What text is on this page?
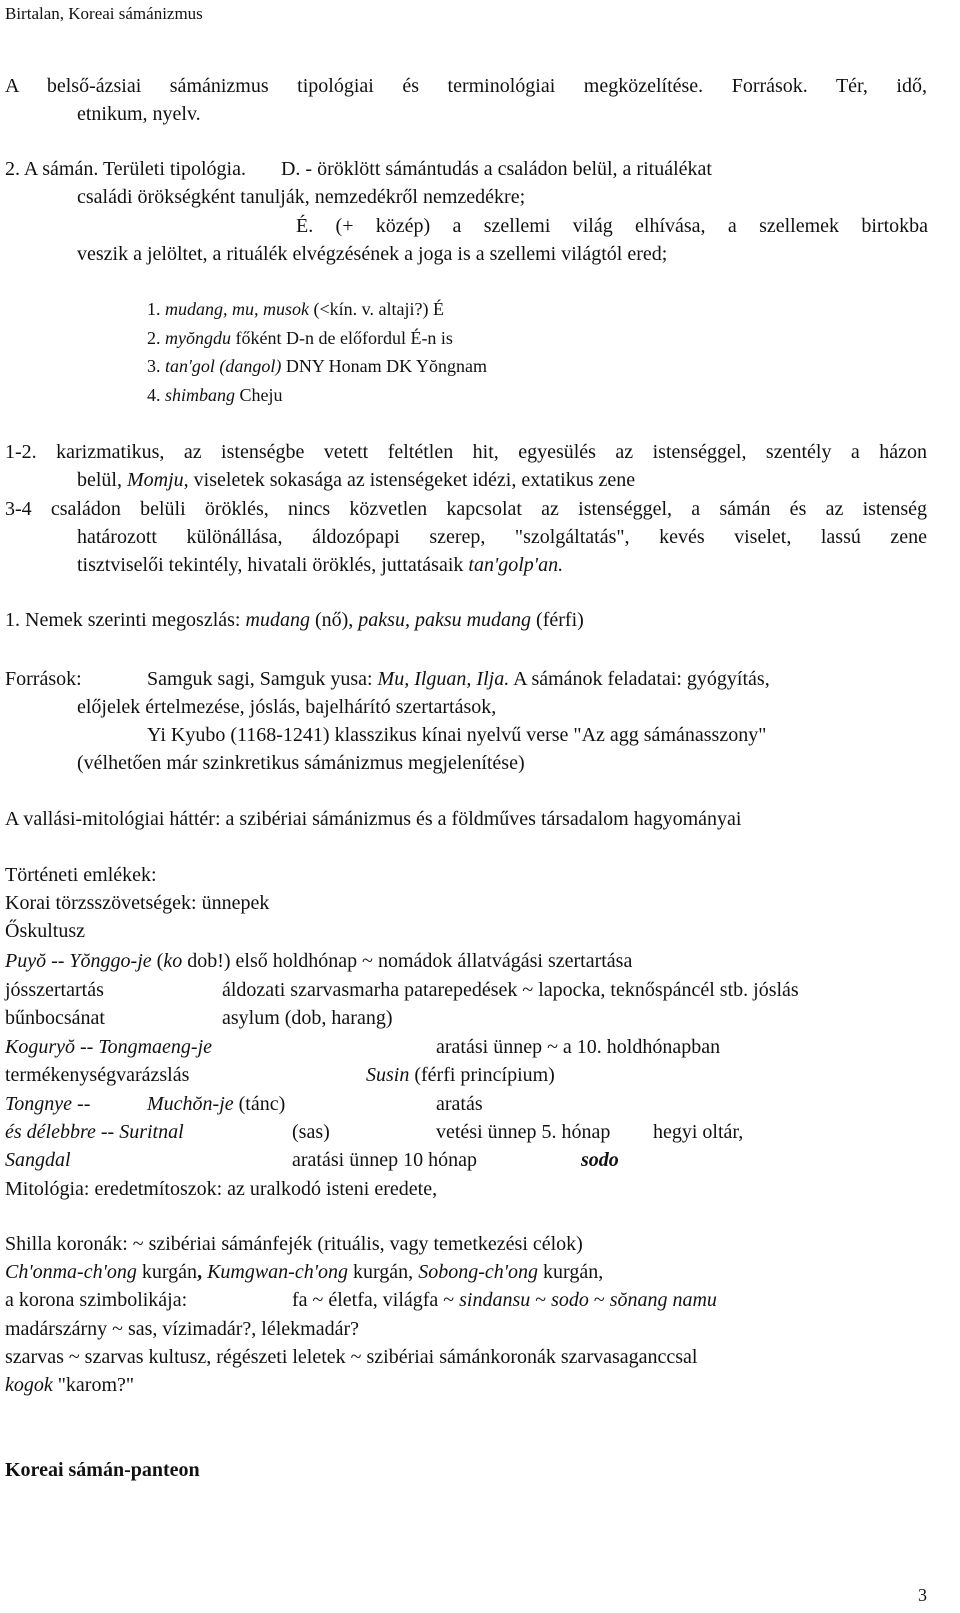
Birtalan, Koreai sámánizmus
A belső-ázsiai sámánizmus tipológiai és terminológiai megközelítése. Források. Tér, idő,
etnikum, nyelv.
2. A sámán. Területi tipológia.       D. - öröklött sámántudás a családon belül, a rituálékat
családi örökségként tanulják, nemzedékről nemzedékre;
É. (+ közép) a szellemi világ elhívása, a szellemek birtokba
veszik a jelöltet, a rituálék elvégzésének a joga is a szellemi világtól ered;
1. mudang, mu, musok (<kín. v. altaji?) É
2. myŏngdu főként D-n de előfordul É-n is
3. tan'gol (dangol) DNY Honam DK Yŏngnam
4. shimbang Cheju
1-2. karizmatikus, az istenségbe vetett feltétlen hit, egyesülés az istenséggel, szentély a házon
belül, Momju, viseletek sokasága az istenségeket idézi, extatikus zene
3-4 családon belüli öröklés, nincs közvetlen kapcsolat az istenséggel, a sámán és az istenség
határozott különállása, áldozópapi szerep, "szolgáltatás", kevés viselet, lassú zene
tisztviselői tekintély, hivatali öröklés, juttatásaik tan'golp'an.
1. Nemek szerinti megoszlás: mudang (nő), paksu, paksu mudang (férfi)
Források:	Samguk sagi, Samguk yusa: Mu, Ilguan, Ilja. A sámánok feladatai: gyógyítás,
előjelek értelmezése, jóslás, bajelhárító szertartások,
Yi Kyubo (1168-1241) klasszikus kínai nyelvű verse "Az agg sámánasszony"
(vélhetően már szinkretikus sámánizmus megjelenítése)
A vallási-mitológiai háttér: a szibériai sámánizmus és a földműves társadalom hagyományai
Történeti emlékek:
Korai törzsszövetségek: ünnepek
Őskultusz
Puyŏ -- Yŏnggo-je (ko dob!) első holdhónap ~ nomádok állatvágási szertartása
jósszertartás	áldozati szarvasmarha patarepedések ~ lapocka, teknőspáncél stb. jóslás
bűnbocsánat	asylum (dob, harang)
Koguryŏ -- Tongmaeng-je	aratási ünnep ~ a 10. holdhónapban
termékenységvarázslás	Susin (férfi princípium)
Tongnye --	Muchŏn-je (tánc)	aratás
és délebbre -- Suritnal	(sas)	vetési ünnep 5. hónap hegyi oltár,
Sangdal	aratási ünnep 10 hónap	sodo
Mitológia: eredetmítoszok: az uralkodó isteni eredete,
Shilla koronák: ~ szibériai sámánfejék (rituális, vagy temetkezési célok)
Ch'onma-ch'ong kurgán, Kumgwan-ch'ong kurgán, Sobong-ch'ong kurgán,
a korona szimbolikája:	fa ~ életfa, világfa ~ sindansu ~ sodo ~ sŏnang namu
madárszárny ~ sas, vízimadár?, lélekmadár?
szarvas ~ szarvas kultusz, régészeti leletek ~ szibériai sámánkoronák szarvasaganccsal
kogok "karom?"
Koreai sámán-panteon
3
